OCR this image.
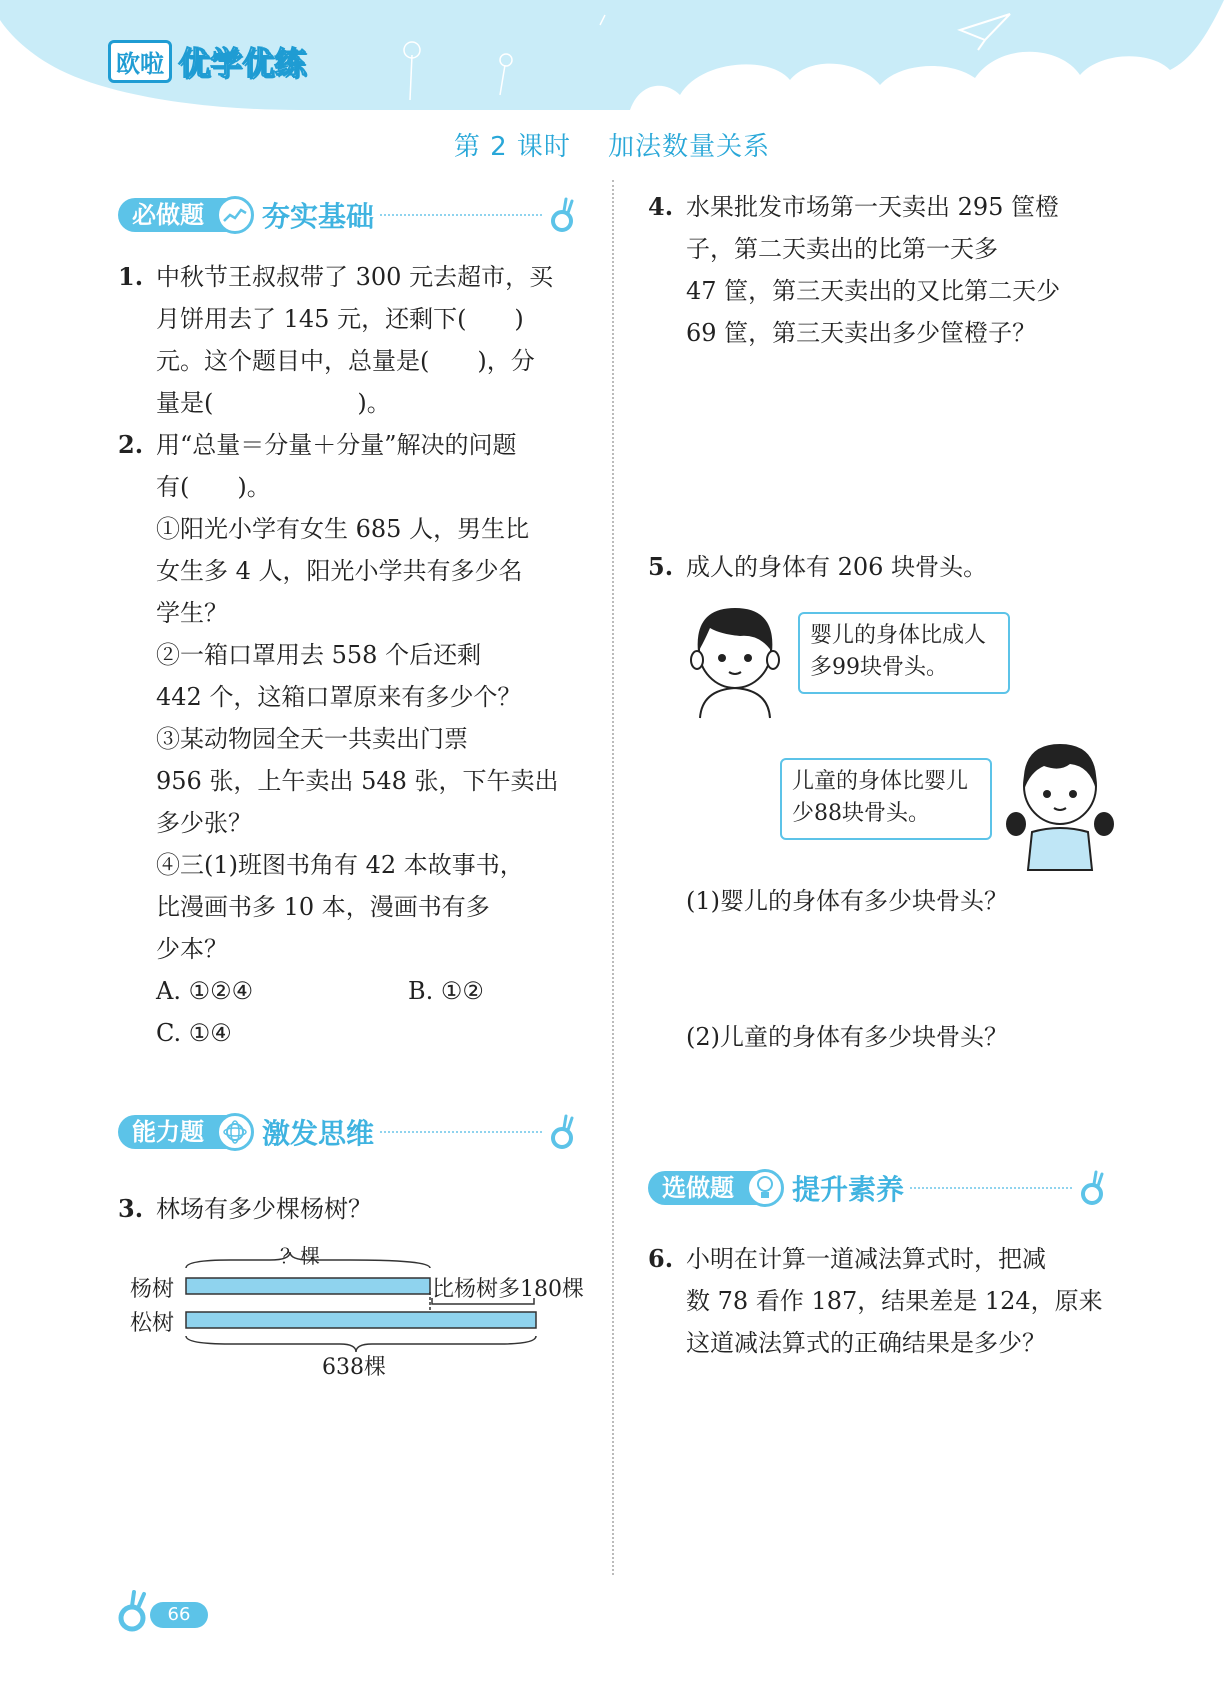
欧啦 优学优练
第 2 课时 加法数量关系
必做题	夯实基础
1. 中秋节王叔叔带了 300 元去超市，买
月饼用去了 145 元，还剩下(　　)
元。这个题目中，总量是(　　)，分
量是(　　　　　　)。
2. 用“总量＝分量＋分量”解决的问题
有(　　)。
①阳光小学有女生 685 人，男生比
女生多 4 人，阳光小学共有多少名
学生？
②一箱口罩用去 558 个后还剩
442 个，这箱口罩原来有多少个？
③某动物园全天一共卖出门票
956 张，上午卖出 548 张，下午卖出
多少张？
④三(1)班图书角有 42 本故事书，
比漫画书多 10 本，漫画书有多
少本？
A. ①②④	B. ①②
C. ①④
能力题	激发思维
3. 林场有多少棵杨树？
？棵
杨树
松树
比杨树多180棵
638棵
4. 水果批发市场第一天卖出 295 筐橙
子，第二天卖出的比第一天多
47 筐，第三天卖出的又比第二天少
69 筐，第三天卖出多少筐橙子？
5. 成人的身体有 206 块骨头。
婴儿的身体比成人
多99块骨头。
儿童的身体比婴儿
少88块骨头。
(1)婴儿的身体有多少块骨头？
(2)儿童的身体有多少块骨头？
选做题	提升素养
6. 小明在计算一道减法算式时，把减
数 78 看作 187，结果差是 124，原来
这道减法算式的正确结果是多少？
66
